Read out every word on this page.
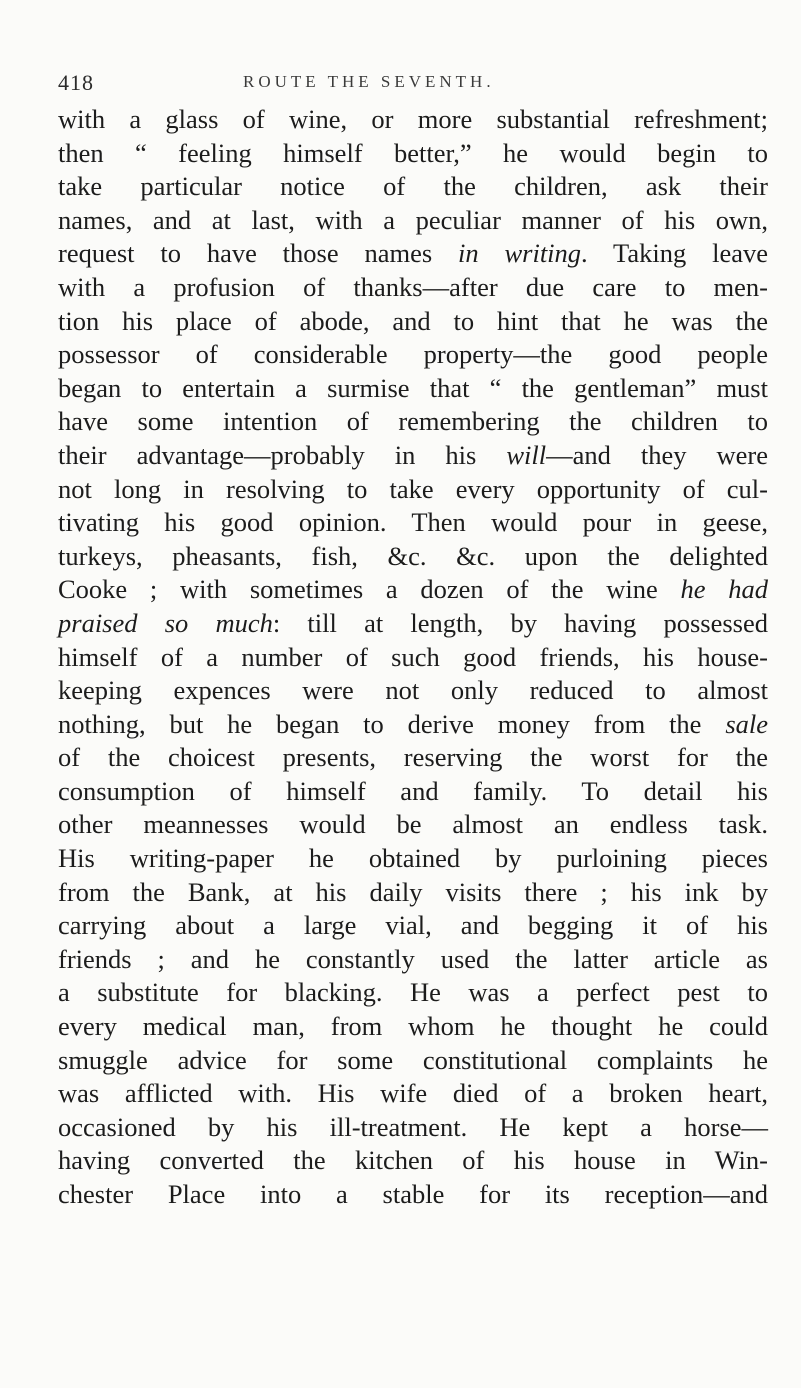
418	ROUTE THE SEVENTH.
with a glass of wine, or more substantial refreshment;
then “ feeling himself better,” he would begin to
take particular notice of the children, ask their
names, and at last, with a peculiar manner of his own,
request to have those names in writing. Taking leave
with a profusion of thanks—after due care to men-
tion his place of abode, and to hint that he was the
possessor of considerable property—the good people
began to entertain a surmise that “ the gentleman” must
have some intention of remembering the children to
their advantage—probably in his will—and they were
not long in resolving to take every opportunity of cul-
tivating his good opinion. Then would pour in geese,
turkeys, pheasants, fish, &c. &c. upon the delighted
Cooke ; with sometimes a dozen of the wine he had
praised so much: till at length, by having possessed
himself of a number of such good friends, his house-
keeping expences were not only reduced to almost
nothing, but he began to derive money from the sale
of the choicest presents, reserving the worst for the
consumption of himself and family. To detail his
other meannesses would be almost an endless task.
His writing-paper he obtained by purloining pieces
from the Bank, at his daily visits there ; his ink by
carrying about a large vial, and begging it of his
friends ; and he constantly used the latter article as
a substitute for blacking. He was a perfect pest to
every medical man, from whom he thought he could
smuggle advice for some constitutional complaints he
was afflicted with. His wife died of a broken heart,
occasioned by his ill-treatment. He kept a horse—
having converted the kitchen of his house in Win-
chester Place into a stable for its reception—and
